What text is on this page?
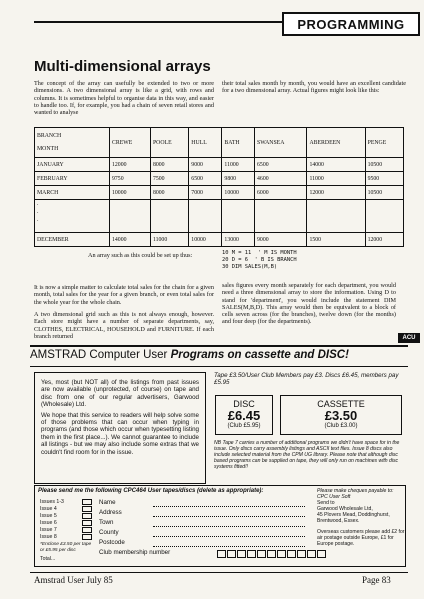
PROGRAMMING
Multi-dimensional arrays
The concept of the array can usefully be extended to two or more dimensions. A two dimensional array is like a grid, with rows and columns. It is sometimes helpful to organise data in this way, and easier to handle too. If, for example, you had a chain of seven retail stores and wanted to analyse
their total sales month by month, you would have an excellent candidate for a two dimensional array. Actual figures might look like this:
BRANCH
MONTH	CREWE	POOLE	HULL	BATH	SWANSEA	ABERDEEN	PENGE
JANUARY	12000	8000	9000	11000	6500	14000	10500
FEBRUARY	9750	7500	6500	9800	4600	11000	9500
MARCH	10000	8000	7000	10000	6000	12000	10500

.
.
.							

DECEMBER	14000	11000	10000	13000	9000	1500	12000
An array such as this could be set up thus:	10 M = 11  ' M IS MONTH
20 D = 6  ' B IS BRANCH
30 DIM SALES(M,B)
It is now a simple matter to calculate total sales for the chain for a given month, total sales for the year for a given branch, or even total sales for the whole year for the whole chain.
A two dimensional grid such as this is not always enough, however. Each store might have a number of separate departments, say, CLOTHES, ELECTRICAL, HOUSEHOLD and FURNITURE. If each branch returned
sales figures every month separately for each department, you would need a three dimensional array to store the information. Using D to stand for 'department', you would include the statement DIM SALES(M,B,D). This array would then be equivalent to a block of cells seven across (for the branches), twelve down (for the months) and four deep (for the departments).
ACU
AMSTRAD Computer User Programs on cassette and DISC!

Yes, most (but NOT all) of the listings from past issues are now available (unprotected, of course) on tape and disc from one of our regular advertisers, Garwood (Wholesale) Ltd.

We hope that this service to readers will help solve some of those problems that can occur when typing in programs (and those which occur when typesetting listing them in the first place...). We cannot guarantee to include all listings - but we may also include some extras that we couldn't find room for in the issue.

Tape £3.50/User Club Members pay £3. Discs £6.45, members pay £5.95
DISC
£6.45
(Club £5.95)
CASSETTE
£3.50
(Club £3.00)
NB Tape 7 carries a number of additional programs we didn't have space for in the issue. Only discs carry assembly listings and ASCII text files. Issue 8 discs also include selected material from the CPM UG library. Please note that although disc based programs can be supplied on tape, they will only run on machines with disc systems fitted!!
Please send me the following CPC464 User tapes/discs (delete as appropriate):
Issues 1-3
Issue 4
Issue 5
Issue 6
Issue 7
Issue 8
*Enclose £3.50 per tape or £5.95 per disc
Total...
Name
Address
Town
County
Postcode
Club membership number
Please make cheques payable to: CPC User Soft
Send to
Garwood Wholesale Ltd,
45 Plovers Mead, Doddinghurst,
Brentwood, Essex.
Overseas customers please add £2 for air postage outside Europe, £1 for Europe postage.
Amstrad User July 85	Page 83
